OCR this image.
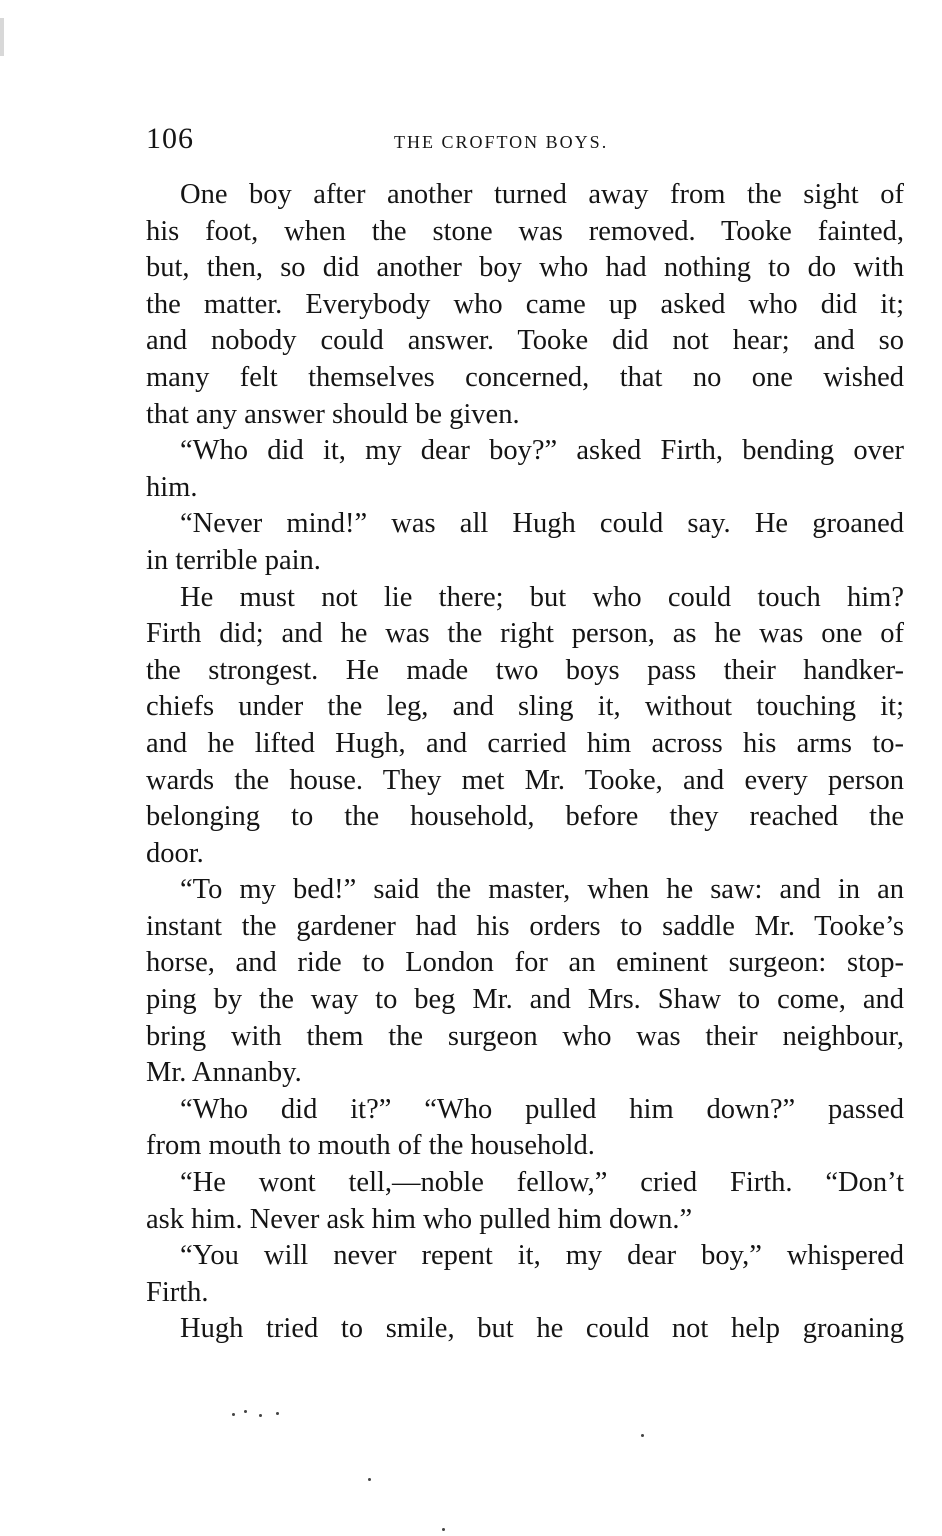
106	THE CROFTON BOYS.
One boy after another turned away from the sight of
his foot, when the stone was removed. Tooke fainted,
but, then, so did another boy who had nothing to do with
the matter. Everybody who came up asked who did it;
and nobody could answer. Tooke did not hear; and so
many felt themselves concerned, that no one wished
that any answer should be given.
“Who did it, my dear boy?” asked Firth, bending over
him.
“Never mind!” was all Hugh could say. He groaned
in terrible pain.
He must not lie there; but who could touch him?
Firth did; and he was the right person, as he was one of
the strongest. He made two boys pass their handker-
chiefs under the leg, and sling it, without touching it;
and he lifted Hugh, and carried him across his arms to-
wards the house. They met Mr. Tooke, and every person
belonging to the household, before they reached the
door.
“To my bed!” said the master, when he saw: and in an
instant the gardener had his orders to saddle Mr. Tooke’s
horse, and ride to London for an eminent surgeon: stop-
ping by the way to beg Mr. and Mrs. Shaw to come, and
bring with them the surgeon who was their neighbour,
Mr. Annanby.
“Who did it?” “Who pulled him down?” passed
from mouth to mouth of the household.
“He wont tell,—noble fellow,” cried Firth. “Don’t
ask him. Never ask him who pulled him down.”
“You will never repent it, my dear boy,” whispered
Firth.
Hugh tried to smile, but he could not help groaning
